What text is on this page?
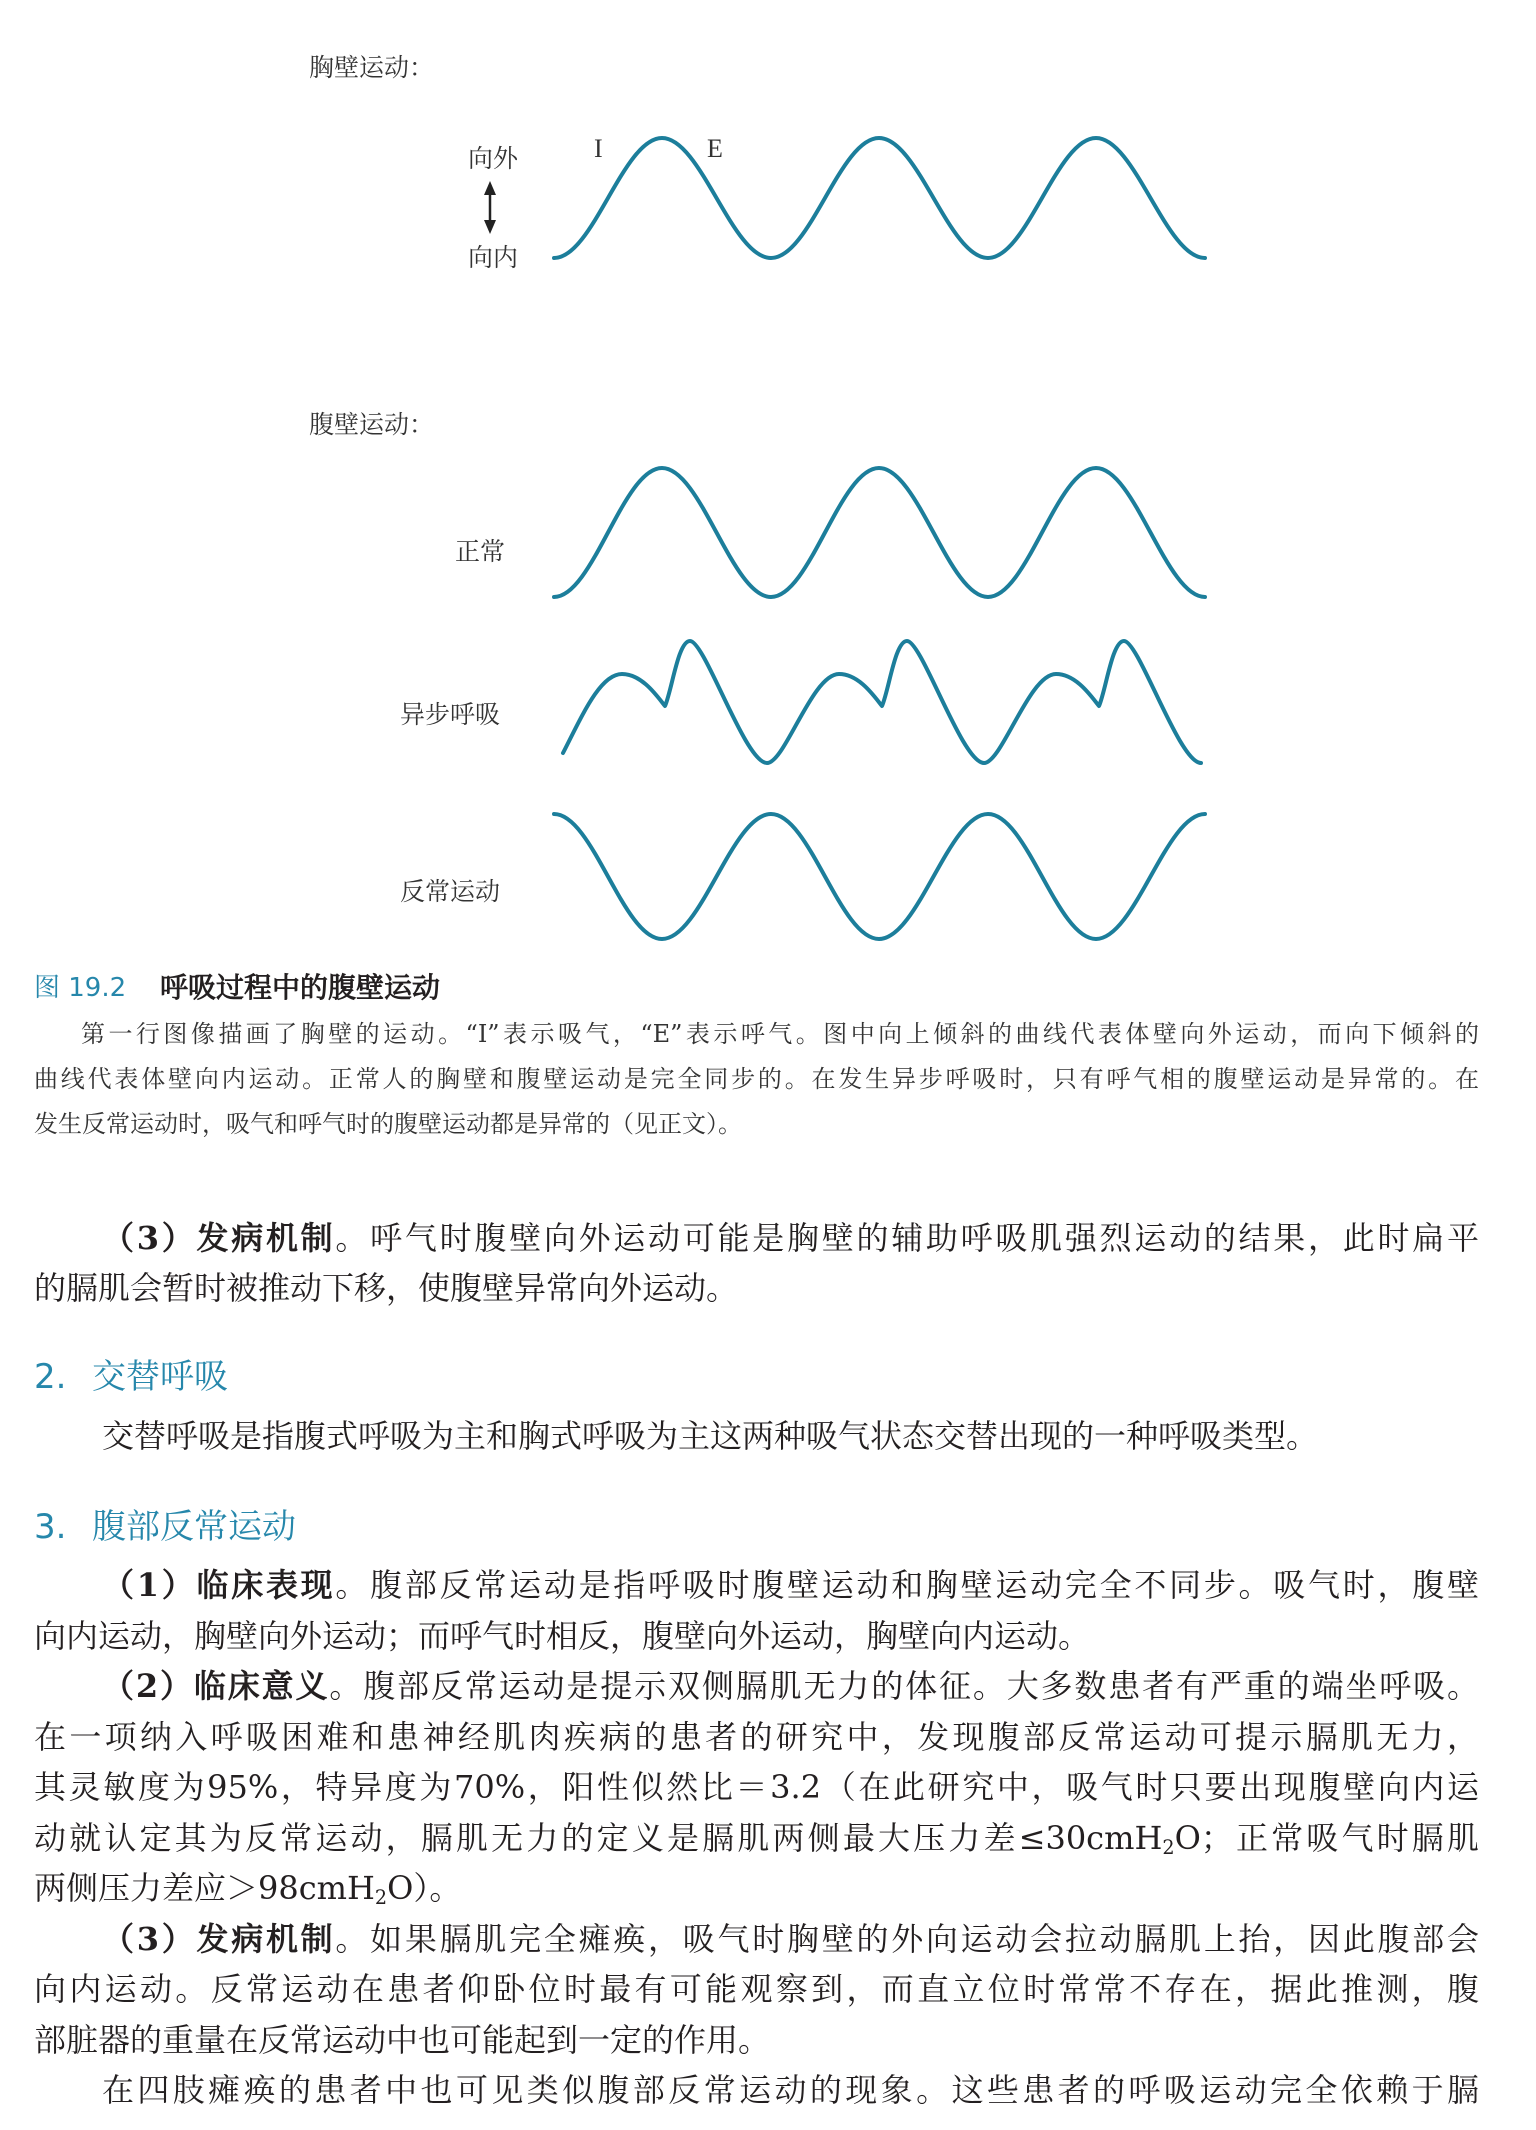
胸壁运动：
向外
向内
I	E
腹壁运动：
正常
异步呼吸
反常运动
图 19.2 呼吸过程中的腹壁运动
第一行图像描画了胸壁的运动。“I”表示吸气，“E”表示呼气。图中向上倾斜的曲线代表体壁向外运动，而向下倾斜的
曲线代表体壁向内运动。正常人的胸壁和腹壁运动是完全同步的。在发生异步呼吸时，只有呼气相的腹壁运动是异常的。在
发生反常运动时，吸气和呼气时的腹壁运动都是异常的（见正文）。
（3）发病机制。呼气时腹壁向外运动可能是胸壁的辅助呼吸肌强烈运动的结果，此时扁平
的膈肌会暂时被推动下移，使腹壁异常向外运动。
2. 交替呼吸
交替呼吸是指腹式呼吸为主和胸式呼吸为主这两种吸气状态交替出现的一种呼吸类型。
3. 腹部反常运动
（1）临床表现。腹部反常运动是指呼吸时腹壁运动和胸壁运动完全不同步。吸气时，腹壁
向内运动，胸壁向外运动；而呼气时相反，腹壁向外运动，胸壁向内运动。
（2）临床意义。腹部反常运动是提示双侧膈肌无力的体征。大多数患者有严重的端坐呼吸。
在一项纳入呼吸困难和患神经肌肉疾病的患者的研究中，发现腹部反常运动可提示膈肌无力，
其灵敏度为95%，特异度为70%，阳性似然比＝3.2（在此研究中，吸气时只要出现腹壁向内运
动就认定其为反常运动，膈肌无力的定义是膈肌两侧最大压力差≤30cmH$_2$O；正常吸气时膈肌
两侧压力差应＞98cmH$_2$O）。
（3）发病机制。如果膈肌完全瘫痪，吸气时胸壁的外向运动会拉动膈肌上抬，因此腹部会
向内运动。反常运动在患者仰卧位时最有可能观察到，而直立位时常常不存在，据此推测，腹
部脏器的重量在反常运动中也可能起到一定的作用。
在四肢瘫痪的患者中也可见类似腹部反常运动的现象。这些患者的呼吸运动完全依赖于膈
